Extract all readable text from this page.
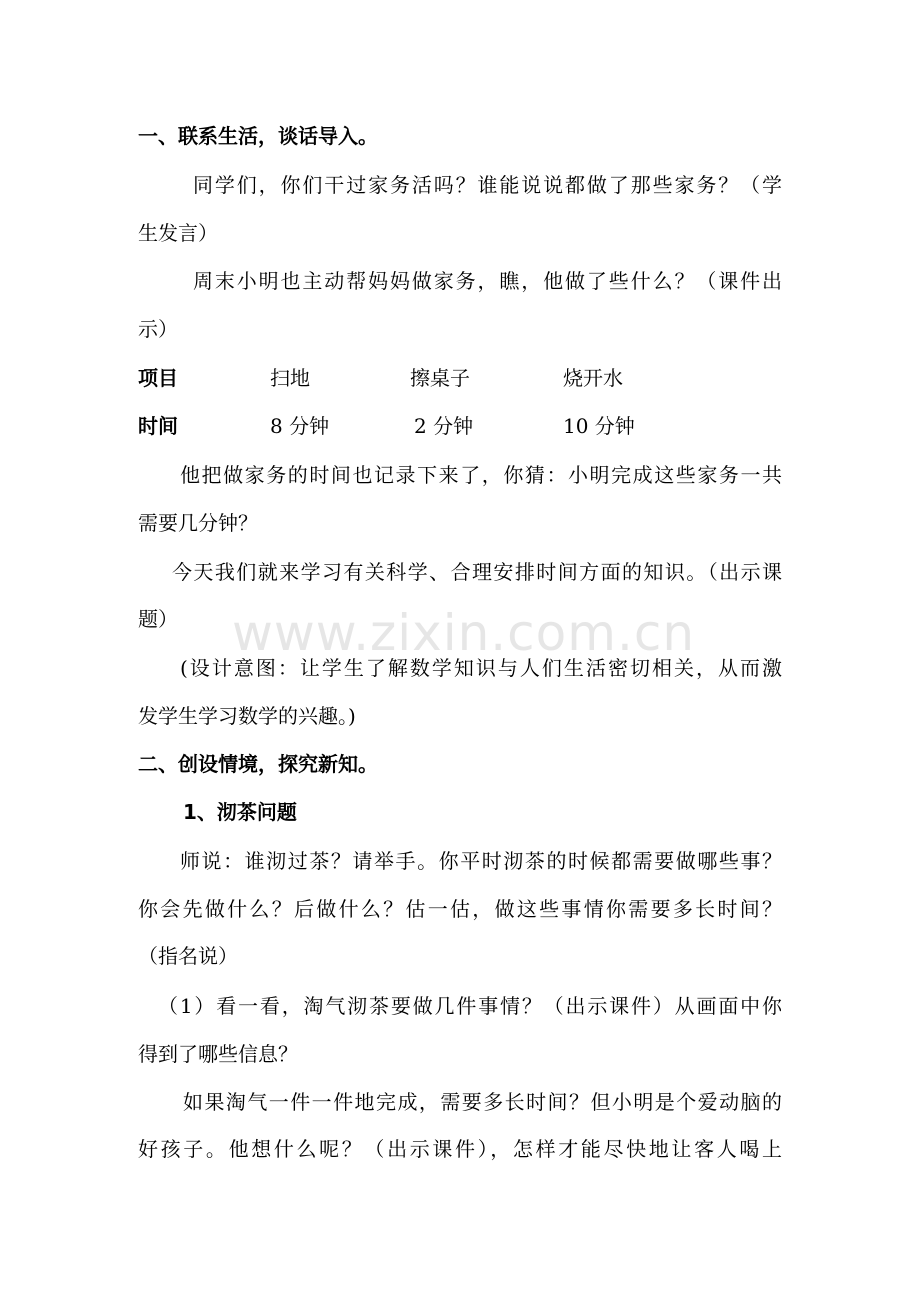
www.zixin.com.cn
一、联系生活，谈话导入。
同学们，你们干过家务活吗？谁能说说都做了那些家务？（学
生发言）
周末小明也主动帮妈妈做家务，瞧，他做了些什么？（课件出
示）
项目	扫地	擦桌子	烧开水
时间	8 分钟	2 分钟	10 分钟
他把做家务的时间也记录下来了，你猜：小明完成这些家务一共
需要几分钟？
今天我们就来学习有关科学、合理安排时间方面的知识。（出示课
题）
(设计意图：让学生了解数学知识与人们生活密切相关，从而激
发学生学习数学的兴趣。)
二、创设情境，探究新知。
1、沏茶问题
师说：谁沏过茶？请举手。你平时沏茶的时候都需要做哪些事？
你会先做什么？后做什么？估一估，做这些事情你需要多长时间？
（指名说）
（1）看一看，淘气沏茶要做几件事情？（出示课件）从画面中你
得到了哪些信息？
如果淘气一件一件地完成，需要多长时间？但小明是个爱动脑的
好孩子。他想什么呢？（出示课件），怎样才能尽快地让客人喝上
